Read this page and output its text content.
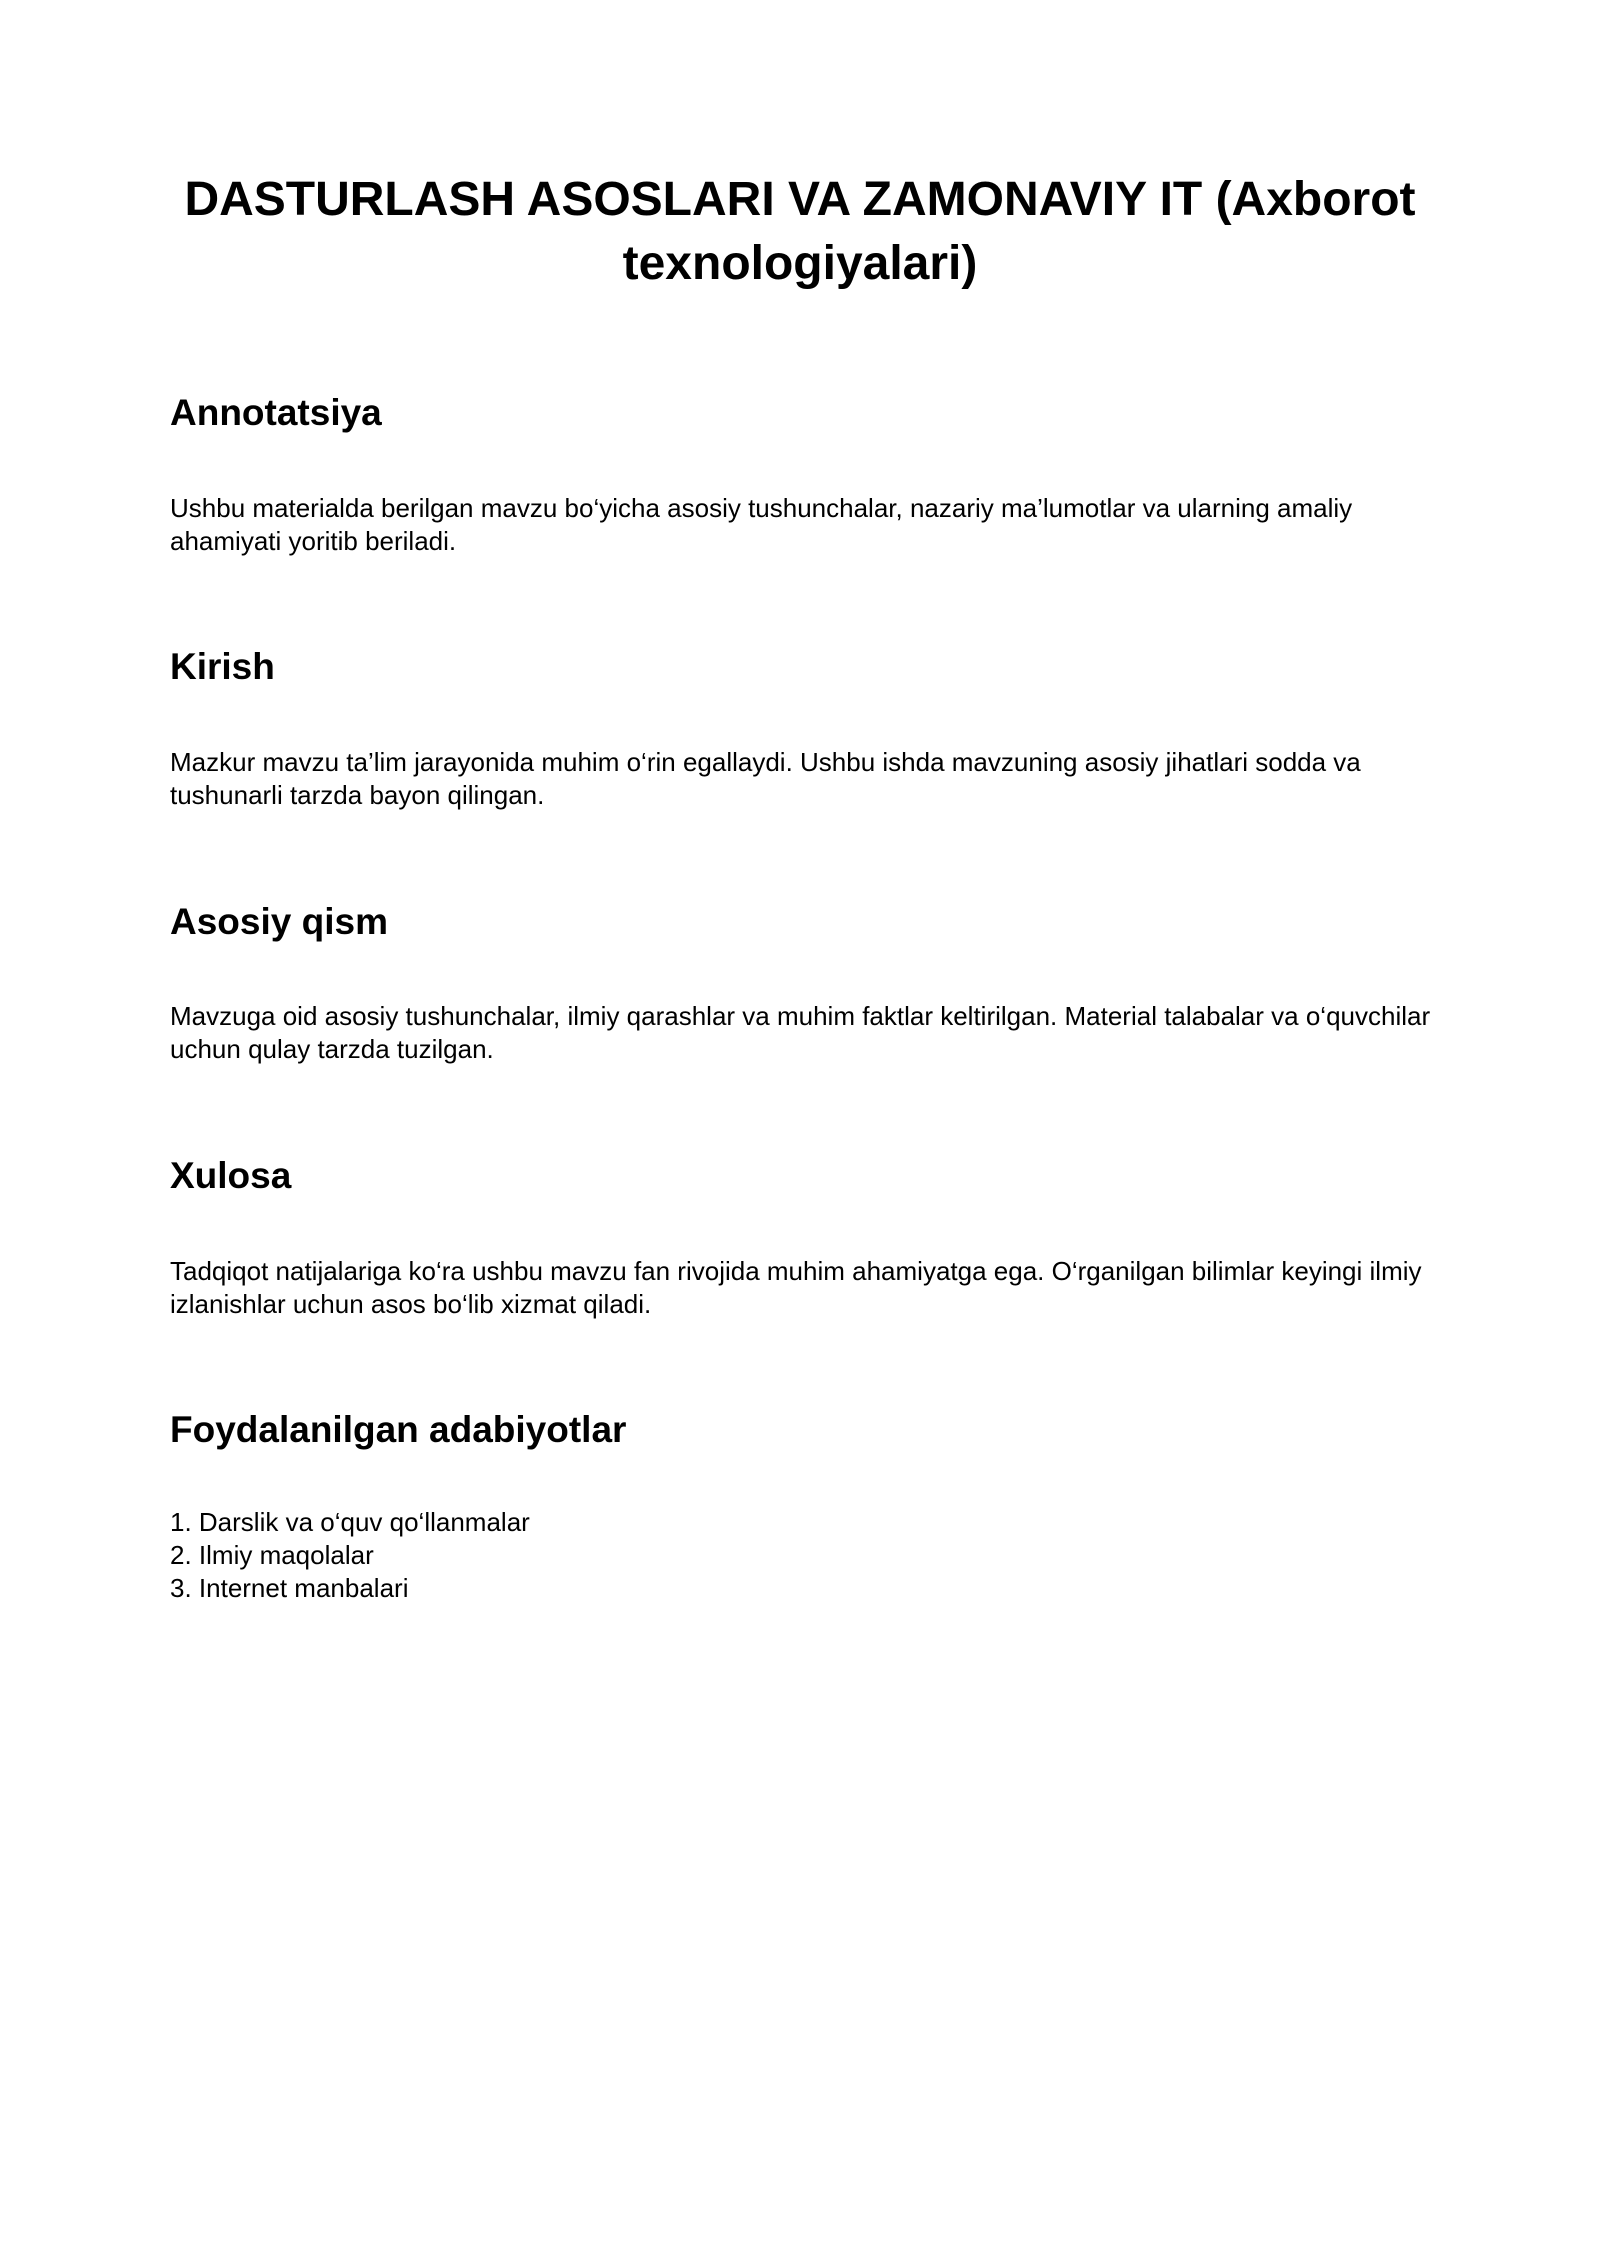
DASTURLASH ASOSLARI VA ZAMONAVIY IT (Axborot texnologiyalari)
Annotatsiya

Ushbu materialda berilgan mavzu bo‘yicha asosiy tushunchalar, nazariy ma’lumotlar va ularning amaliy ahamiyati yoritib beriladi.

Kirish

Mazkur mavzu ta’lim jarayonida muhim o‘rin egallaydi. Ushbu ishda mavzuning asosiy jihatlari sodda va tushunarli tarzda bayon qilingan.

Asosiy qism

Mavzuga oid asosiy tushunchalar, ilmiy qarashlar va muhim faktlar keltirilgan. Material talabalar va o‘quvchilar uchun qulay tarzda tuzilgan.

Xulosa

Tadqiqot natijalariga ko‘ra ushbu mavzu fan rivojida muhim ahamiyatga ega. O‘rganilgan bilimlar keyingi ilmiy izlanishlar uchun asos bo‘lib xizmat qiladi.

Foydalanilgan adabiyotlar
1. Darslik va o‘quv qo‘llanmalar
2. Ilmiy maqolalar
3. Internet manbalari
